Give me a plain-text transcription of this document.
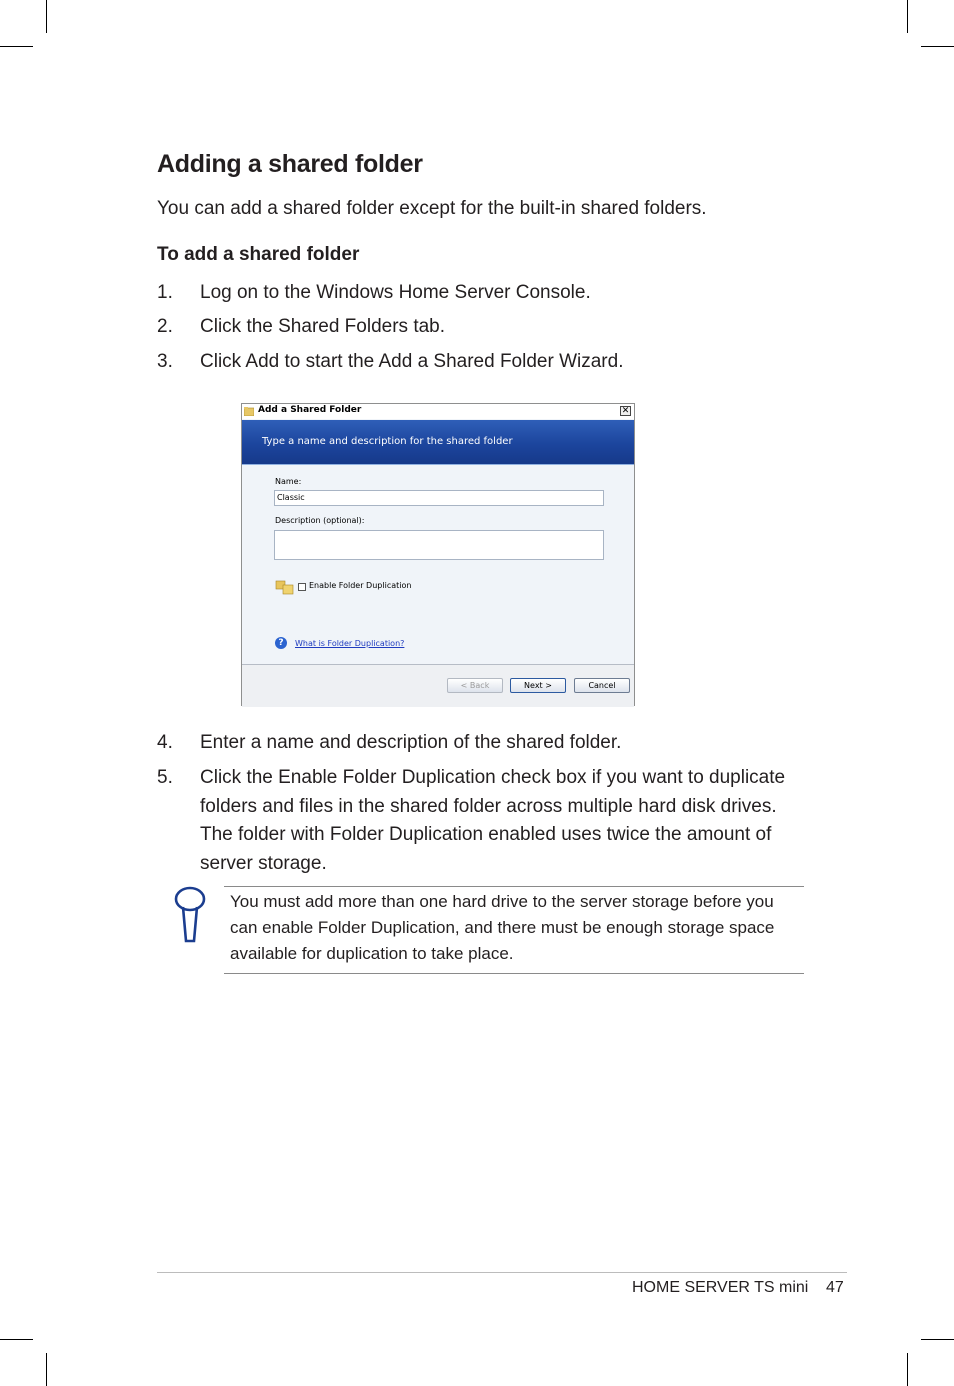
Adding a shared folder
You can add a shared folder except for the built-in shared folders.
To add a shared folder
1.	Log on to the Windows Home Server Console.
2.	Click the Shared Folders tab.
3.	Click Add to start the Add a Shared Folder Wizard.
Add a Shared Folder	✕
Type a name and description for the shared folder
Name:
Classic
Description (optional):
Enable Folder Duplication
?	What is Folder Duplication?
< Back	Next >	Cancel
4.	Enter a name and description of the shared folder.
5.	Click the Enable Folder Duplication check box if you want to duplicate folders and files in the shared folder across multiple hard disk drives. The folder with Folder Duplication enabled uses twice the amount of server storage.
You must add more than one hard drive to the server storage before you can enable Folder Duplication, and there must be enough storage space available for duplication to take place.
HOME SERVER TS mini 47
